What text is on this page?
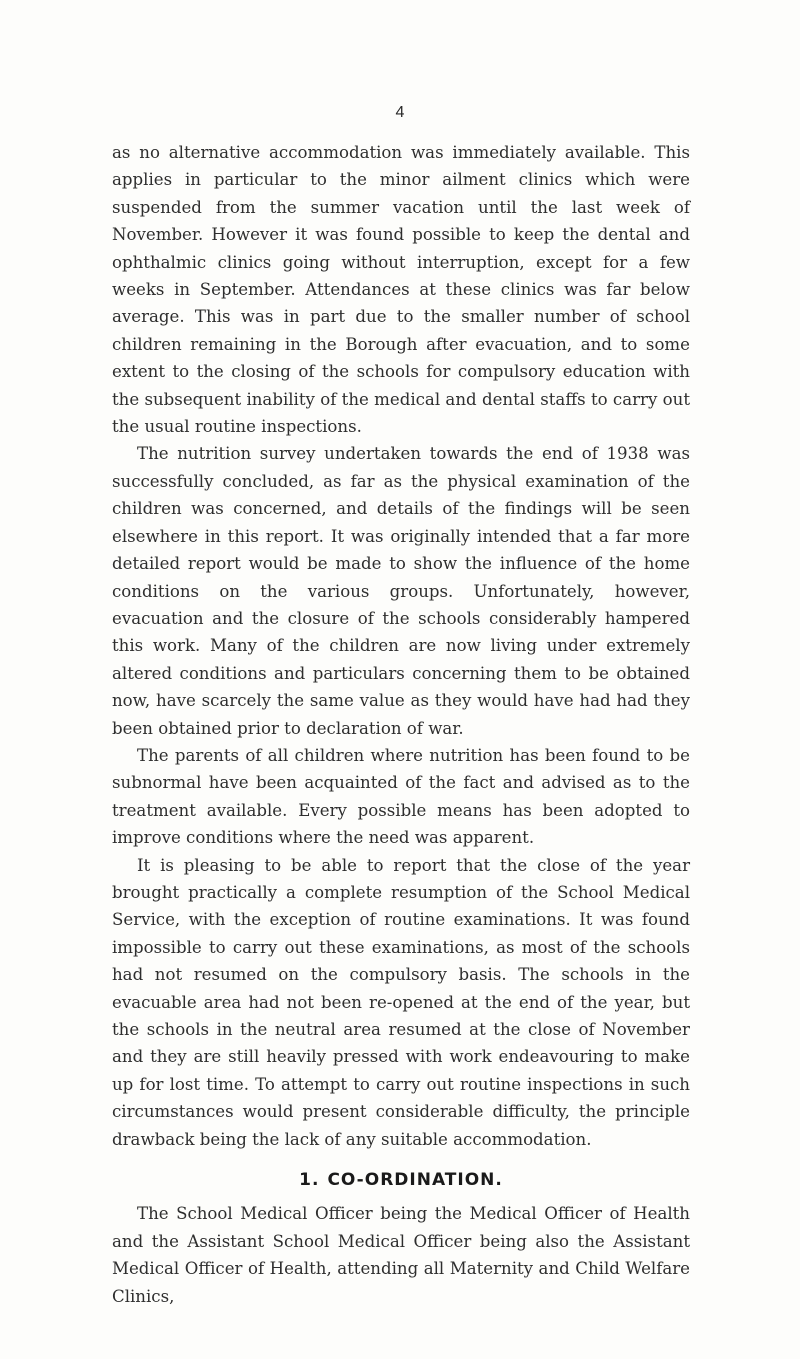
4

as no alternative accommodation was immediately available. This applies in particular to the minor ailment clinics which were suspended from the summer vacation until the last week of November. However it was found possible to keep the dental and ophthalmic clinics going without interruption, except for a few weeks in September. Attendances at these clinics was far below average. This was in part due to the smaller number of school children remaining in the Borough after evacuation, and to some extent to the closing of the schools for compulsory education with the subsequent inability of the medical and dental staffs to carry out the usual routine inspections.

The nutrition survey undertaken towards the end of 1938 was successfully concluded, as far as the physical examination of the children was concerned, and details of the findings will be seen elsewhere in this report. It was originally intended that a far more detailed report would be made to show the influence of the home conditions on the various groups. Unfortunately, however, evacuation and the closure of the schools considerably hampered this work. Many of the children are now living under extremely altered conditions and particulars concerning them to be obtained now, have scarcely the same value as they would have had had they been obtained prior to declaration of war.

The parents of all children where nutrition has been found to be subnormal have been acquainted of the fact and advised as to the treatment available. Every possible means has been adopted to improve conditions where the need was apparent.

It is pleasing to be able to report that the close of the year brought practically a complete resumption of the School Medical Service, with the exception of routine examinations. It was found impossible to carry out these examinations, as most of the schools had not resumed on the compulsory basis. The schools in the evacuable area had not been re-opened at the end of the year, but the schools in the neutral area resumed at the close of November and they are still heavily pressed with work endeavouring to make up for lost time. To attempt to carry out routine inspections in such circumstances would present considerable difficulty, the principle drawback being the lack of any suitable accommodation.

1. CO-ORDINATION.

The School Medical Officer being the Medical Officer of Health and the Assistant School Medical Officer being also the Assistant Medical Officer of Health, attending all Maternity and Child Welfare Clinics,
